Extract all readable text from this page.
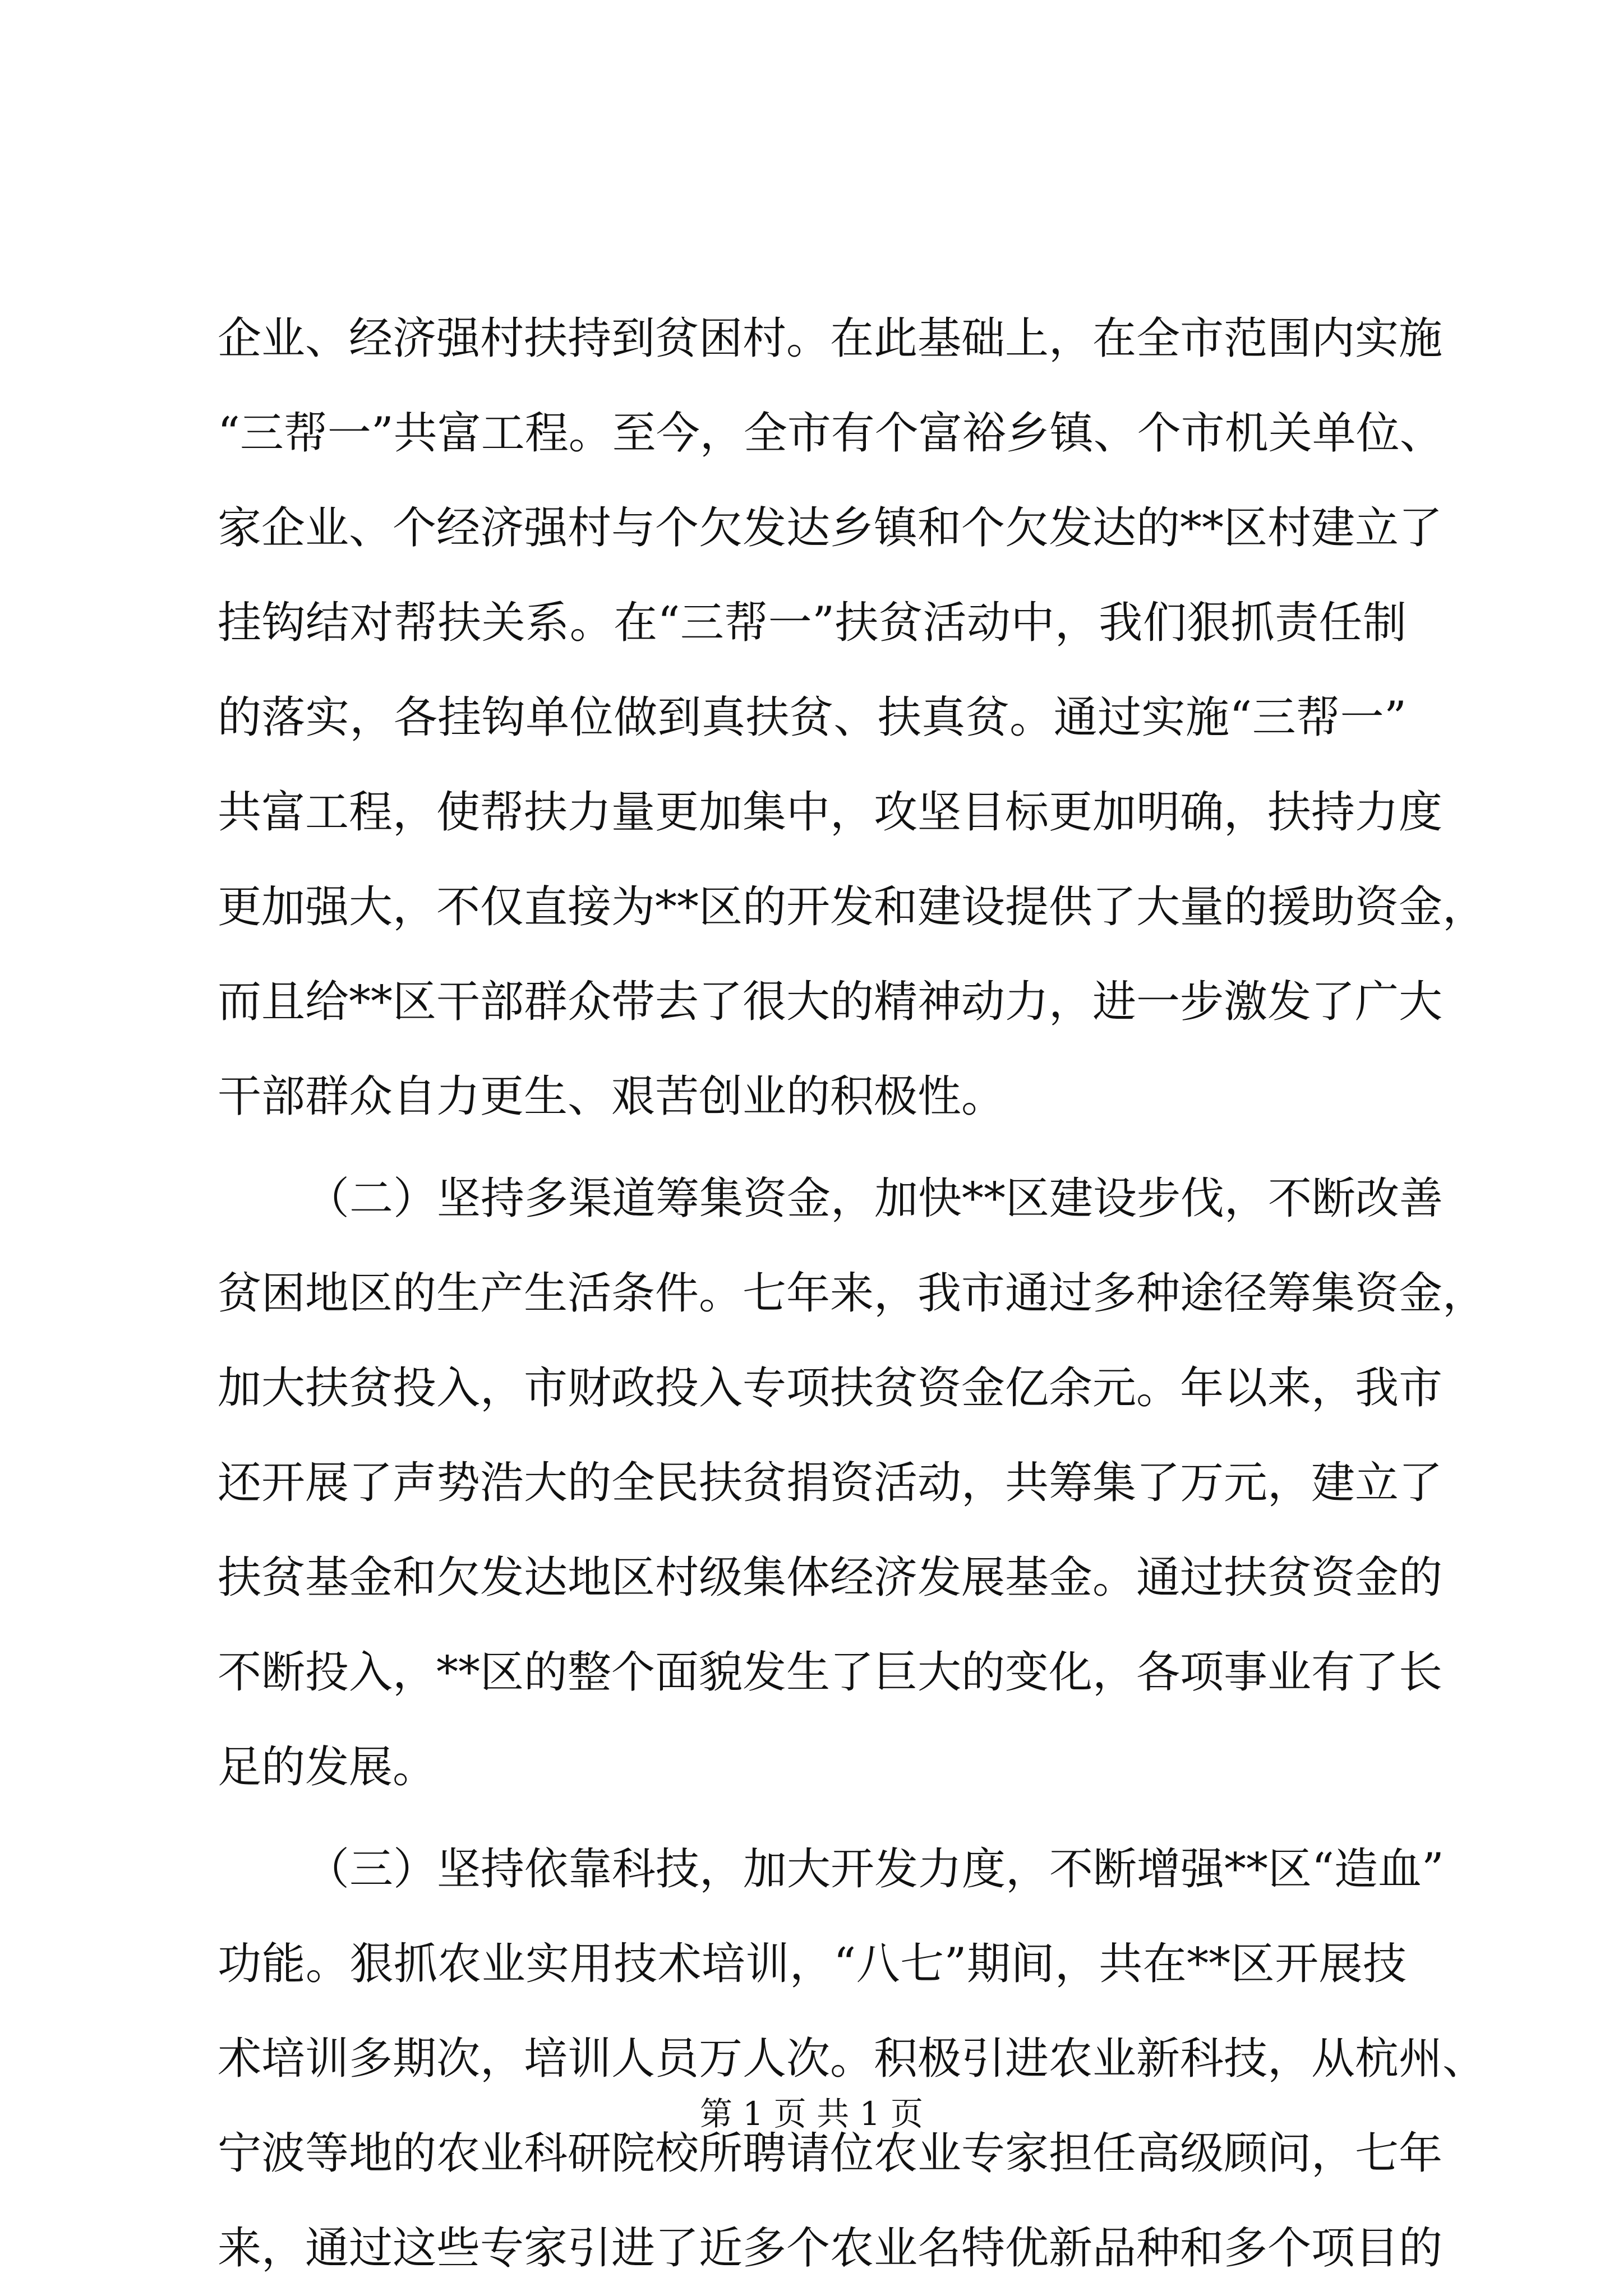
企业、经济强村扶持到贫困村。在此基础上，在全市范围内实施
“三帮一”共富工程。至今，全市有个富裕乡镇、个市机关单位、
家企业、个经济强村与个欠发达乡镇和个欠发达的**区村建立了
挂钩结对帮扶关系。在“三帮一”扶贫活动中，我们狠抓责任制
的落实，各挂钩单位做到真扶贫、扶真贫。通过实施“三帮一”
共富工程，使帮扶力量更加集中，攻坚目标更加明确，扶持力度
更加强大，不仅直接为**区的开发和建设提供了大量的援助资金，
而且给**区干部群众带去了很大的精神动力，进一步激发了广大
干部群众自力更生、艰苦创业的积极性。
（二）坚持多渠道筹集资金，加快**区建设步伐，不断改善
贫困地区的生产生活条件。七年来，我市通过多种途径筹集资金，
加大扶贫投入，市财政投入专项扶贫资金亿余元。年以来，我市
还开展了声势浩大的全民扶贫捐资活动，共筹集了万元，建立了
扶贫基金和欠发达地区村级集体经济发展基金。通过扶贫资金的
不断投入，**区的整个面貌发生了巨大的变化，各项事业有了长
足的发展。
（三）坚持依靠科技，加大开发力度，不断增强**区“造血”
功能。狠抓农业实用技术培训，“八七”期间，共在**区开展技
术培训多期次，培训人员万人次。积极引进农业新科技，从杭州、
宁波等地的农业科研院校所聘请位农业专家担任高级顾问，七年
来，通过这些专家引进了近多个农业名特优新品种和多个项目的
第 1 页 共 1 页
